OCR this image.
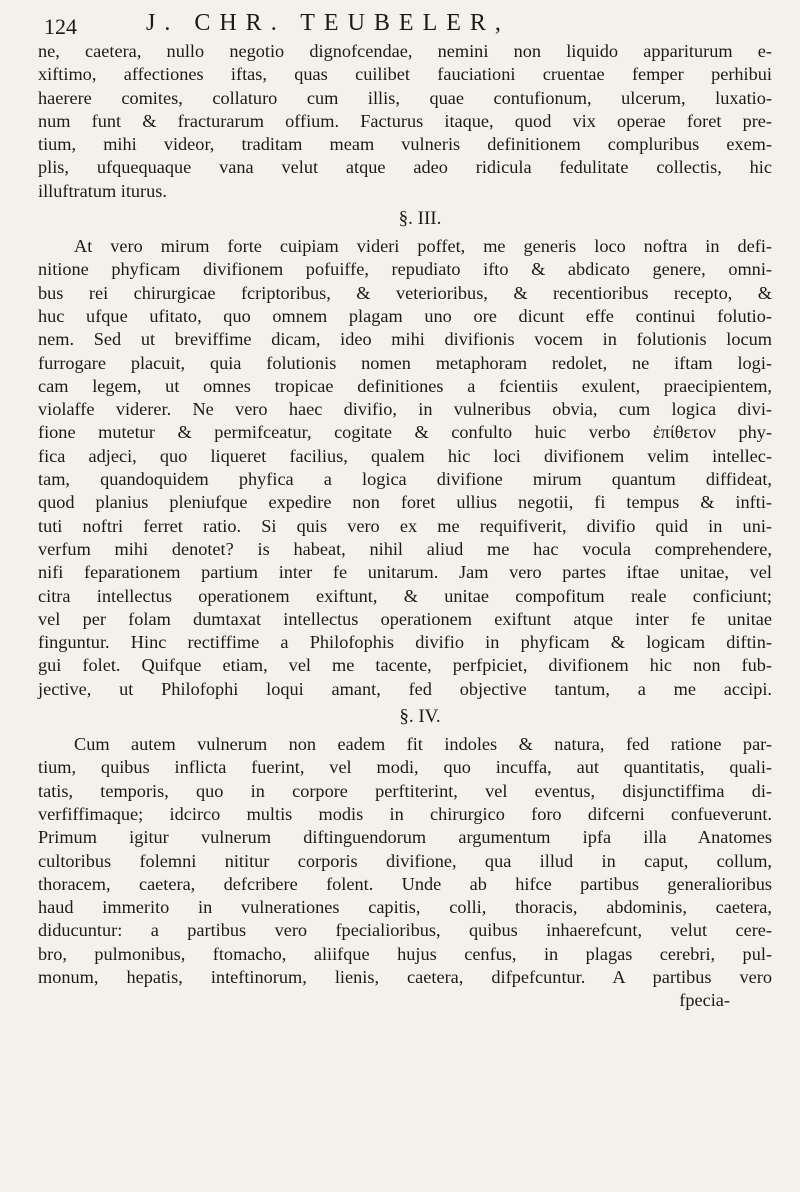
124	J. CHR. TEUBELER,
ne, caetera, nullo negotio dignofcendae, nemini non liquido appariturum e-
xiftimo, affectiones iftas, quas cuilibet fauciationi cruentae femper perhibui
haerere comites, collaturo cum illis, quae contufionum, ulcerum, luxatio-
num funt & fracturarum offium. Facturus itaque, quod vix operae foret pre-
tium, mihi videor, traditam meam vulneris definitionem compluribus exem-
plis, ufquequaque vana velut atque adeo ridicula fedulitate collectis, hic
illuftratum iturus.
§. III.
At vero mirum forte cuipiam videri poffet, me generis loco noftra in defi-
nitione phyficam divifionem pofuiffe, repudiato ifto & abdicato genere, omni-
bus rei chirurgicae fcriptoribus, & veterioribus, & recentioribus recepto, &
huc ufque ufitato, quo omnem plagam uno ore dicunt effe continui folutio-
nem. Sed ut breviffime dicam, ideo mihi divifionis vocem in folutionis locum
furrogare placuit, quia folutionis nomen metaphoram redolet, ne iftam logi-
cam legem, ut omnes tropicae definitiones a fcientiis exulent, praecipientem,
violaffe viderer. Ne vero haec divifio, in vulneribus obvia, cum logica divi-
fione mutetur & permifceatur, cogitate & confulto huic verbo ἐπίθετον phy-
fica adjeci, quo liqueret facilius, qualem hic loci divifionem velim intellec-
tam, quandoquidem phyfica a logica divifione mirum quantum diffideat,
quod planius pleniufque expedire non foret ullius negotii, fi tempus & infti-
tuti noftri ferret ratio. Si quis vero ex me requifiverit, divifio quid in uni-
verfum mihi denotet? is habeat, nihil aliud me hac vocula comprehendere,
nifi feparationem partium inter fe unitarum. Jam vero partes iftae unitae, vel
citra intellectus operationem exiftunt, & unitae compofitum reale conficiunt;
vel per folam dumtaxat intellectus operationem exiftunt atque inter fe unitae
finguntur. Hinc rectiffime a Philofophis divifio in phyficam & logicam diftin-
gui folet. Quifque etiam, vel me tacente, perfpiciet, divifionem hic non fub-
jective, ut Philofophi loqui amant, fed objective tantum, a me accipi.
§. IV.
Cum autem vulnerum non eadem fit indoles & natura, fed ratione par-
tium, quibus inflicta fuerint, vel modi, quo incuffa, aut quantitatis, quali-
tatis, temporis, quo in corpore perftiterint, vel eventus, disjunctiffima di-
verfiffimaque; idcirco multis modis in chirurgico foro difcerni confueverunt.
Primum igitur vulnerum diftinguendorum argumentum ipfa illa Anatomes
cultoribus folemni nititur corporis divifione, qua illud in caput, collum,
thoracem, caetera, defcribere folent. Unde ab hifce partibus generalioribus
haud immerito in vulnerationes capitis, colli, thoracis, abdominis, caetera,
diducuntur: a partibus vero fpecialioribus, quibus inhaerefcunt, velut cere-
bro, pulmonibus, ftomacho, aliifque hujus cenfus, in plagas cerebri, pul-
monum, hepatis, inteftinorum, lienis, caetera, difpefcuntur. A partibus vero
fpecia-
